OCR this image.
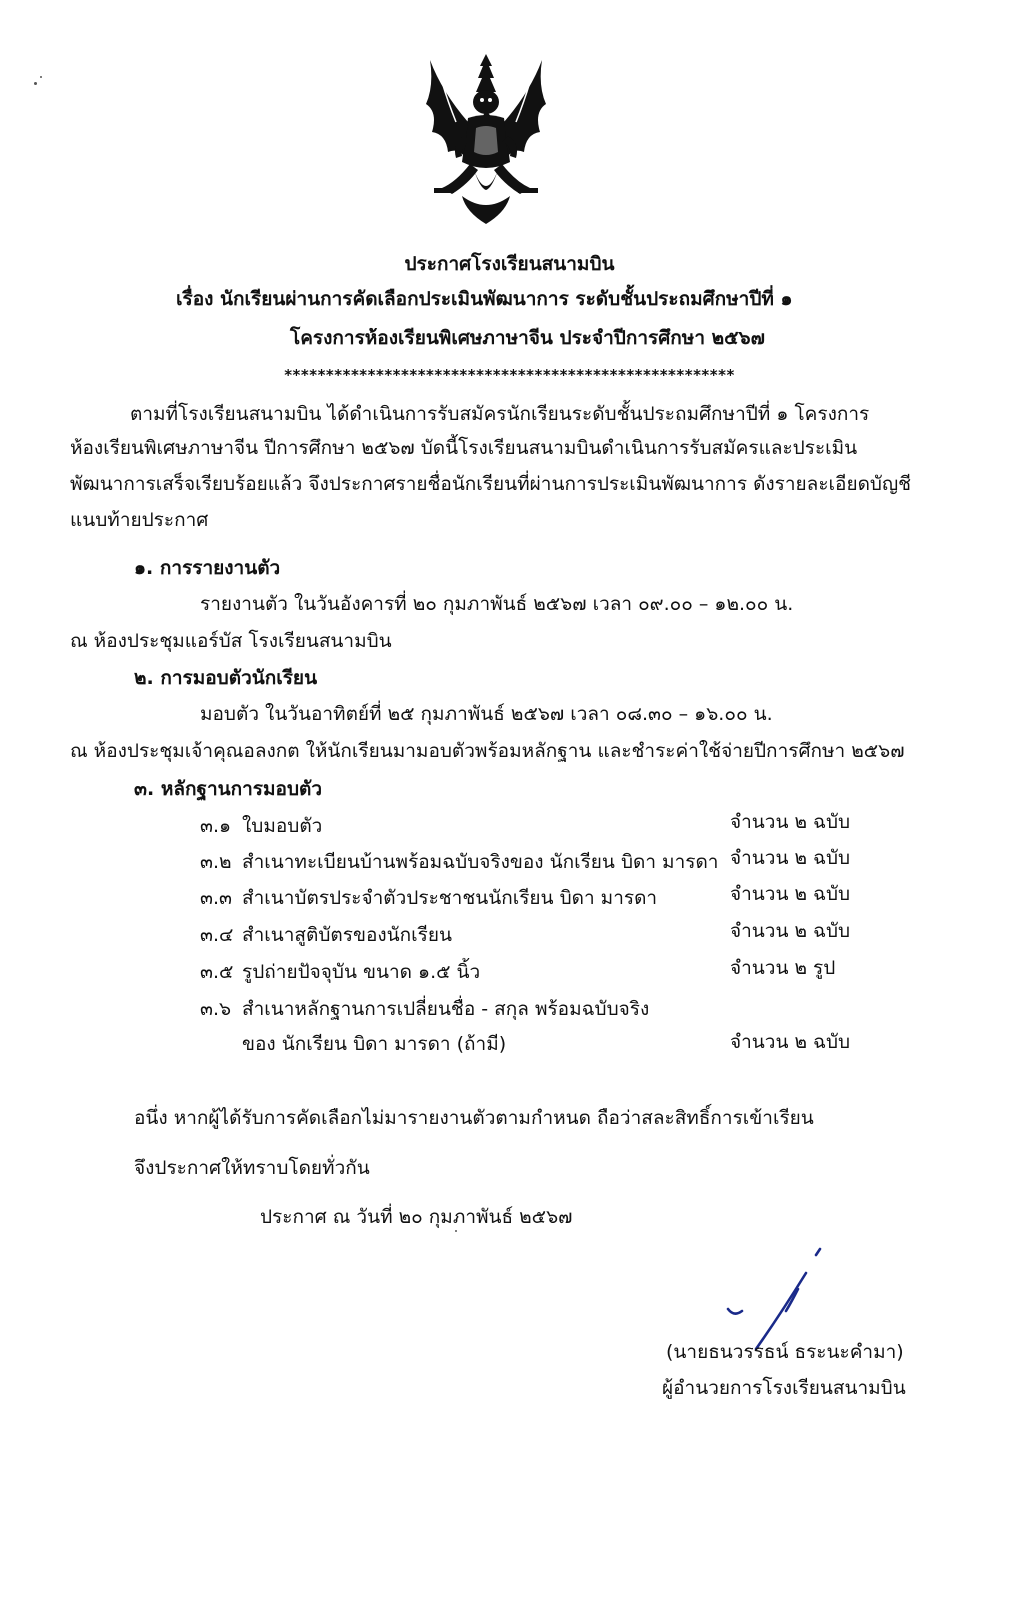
ประกาศโรงเรียนสนามบิน
เรื่อง นักเรียนผ่านการคัดเลือกประเมินพัฒนาการ ระดับชั้นประถมศึกษาปีที่ ๑
โครงการห้องเรียนพิเศษภาษาจีน ประจำปีการศึกษา ๒๕๖๗
******************************************************
ตามที่โรงเรียนสนามบิน ได้ดำเนินการรับสมัครนักเรียนระดับชั้นประถมศึกษาปีที่ ๑ โครงการ
ห้องเรียนพิเศษภาษาจีน ปีการศึกษา ๒๕๖๗ บัดนี้โรงเรียนสนามบินดำเนินการรับสมัครและประเมิน
พัฒนาการเสร็จเรียบร้อยแล้ว จึงประกาศรายชื่อนักเรียนที่ผ่านการประเมินพัฒนาการ ดังรายละเอียดบัญชี
แนบท้ายประกาศ
๑. การรายงานตัว
รายงานตัว ในวันอังคารที่ ๒๐ กุมภาพันธ์ ๒๕๖๗ เวลา ๐๙.๐๐ – ๑๒.๐๐ น.
ณ ห้องประชุมแอร์บัส โรงเรียนสนามบิน
๒. การมอบตัวนักเรียน
มอบตัว ในวันอาทิตย์ที่ ๒๕ กุมภาพันธ์ ๒๕๖๗ เวลา ๐๘.๓๐ – ๑๖.๐๐ น.
ณ ห้องประชุมเจ้าคุณอลงกต ให้นักเรียนมามอบตัวพร้อมหลักฐาน และชำระค่าใช้จ่ายปีการศึกษา ๒๕๖๗
๓. หลักฐานการมอบตัว
๓.๑ ใบมอบตัว	จำนวน ๒ ฉบับ
๓.๒ สำเนาทะเบียนบ้านพร้อมฉบับจริงของ นักเรียน บิดา มารดา จำนวน ๒ ฉบับ
๓.๓ สำเนาบัตรประจำตัวประชาชนนักเรียน บิดา มารดา	จำนวน ๒ ฉบับ
๓.๔ สำเนาสูติบัตรของนักเรียน	จำนวน ๒ ฉบับ
๓.๕ รูปถ่ายปัจจุบัน ขนาด ๑.๕ นิ้ว	จำนวน ๒ รูป
๓.๖ สำเนาหลักฐานการเปลี่ยนชื่อ - สกุล พร้อมฉบับจริง
ของ นักเรียน บิดา มารดา (ถ้ามี)	จำนวน ๒ ฉบับ
อนึ่ง หากผู้ได้รับการคัดเลือกไม่มารายงานตัวตามกำหนด ถือว่าสละสิทธิ์การเข้าเรียน
จึงประกาศให้ทราบโดยทั่วกัน
ประกาศ ณ วันที่ ๒๐ กุมภาพันธ์ ๒๕๖๗
(นายธนวรรธน์ ธระนะคำมา)
ผู้อำนวยการโรงเรียนสนามบิน
